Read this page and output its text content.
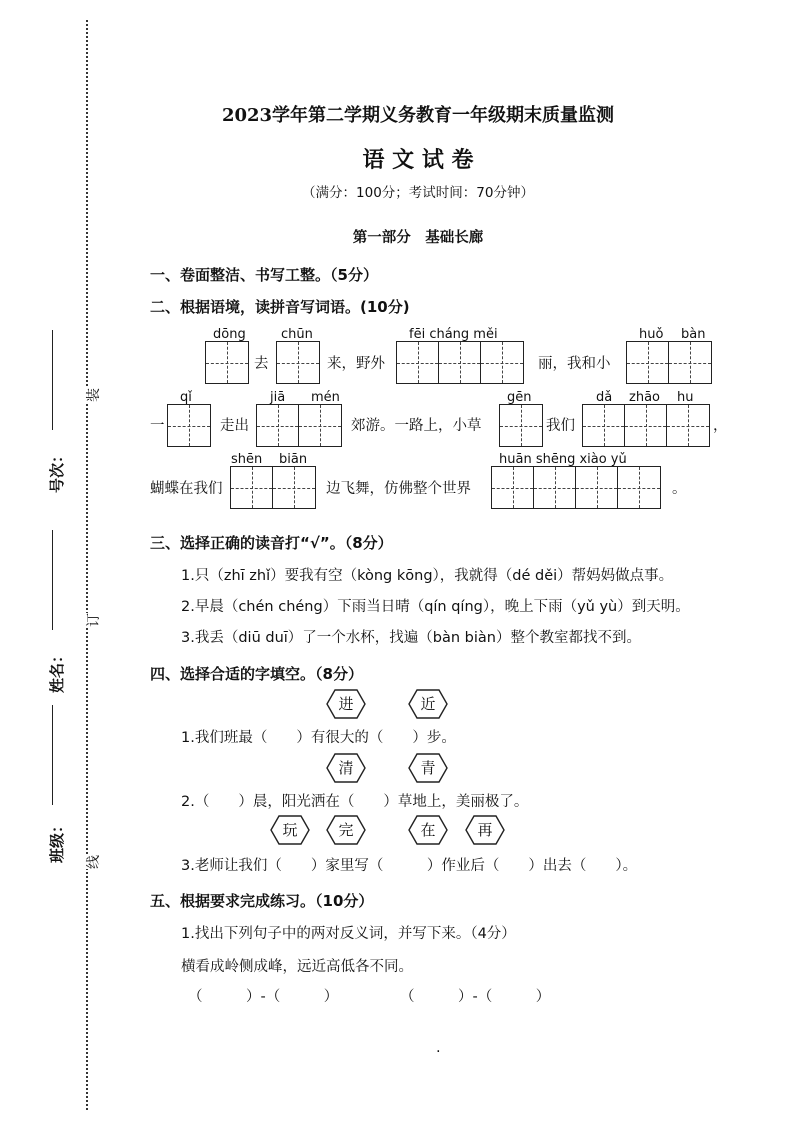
号次：
姓名：
班级：
装
订
线
2023学年第二学期义务教育一年级期末质量监测
语 文 试 卷
（满分：100分；考试时间：70分钟）
第一部分　基础长廊
一、卷面整洁、书写工整。（5分）
二、根据语境，读拼音写词语。(10分)
dōng	chūn
去	来，野外
fēi cháng měi
丽，我和小
huǒ bàn
qǐ
一	走出
jiā mén
郊游。一路上，小草
gēn
我们
dǎ zhāo hu
，
shēn biān
蝴蝶在我们	边飞舞，仿佛整个世界
huān shēng xiào yǔ
。
三、选择正确的读音打“√”。（8分）
1.只（zhī zhǐ）要我有空（kòng kōng），我就得（dé děi）帮妈妈做点事。
2.早晨（chén chéng）下雨当日晴（qín qíng），晚上下雨（yǔ yù）到天明。
3.我丢（diū duī）了一个水杯，找遍（bàn biàn）整个教室都找不到。
四、选择合适的字填空。（8分）
进	近
1.我们班最（　　）有很大的（　　）步。
清	青
2.（　　）晨，阳光洒在（　　）草地上，美丽极了。
玩	完	在	再
3.老师让我们（　　）家里写（　　　）作业后（　　）出去（　　）。
五、根据要求完成练习。（10分）
1.找出下列句子中的两对反义词，并写下来。（4分）
横看成岭侧成峰，远近高低各不同。
（　　　）-（　　　）	（　　　）-（　　　）
.
